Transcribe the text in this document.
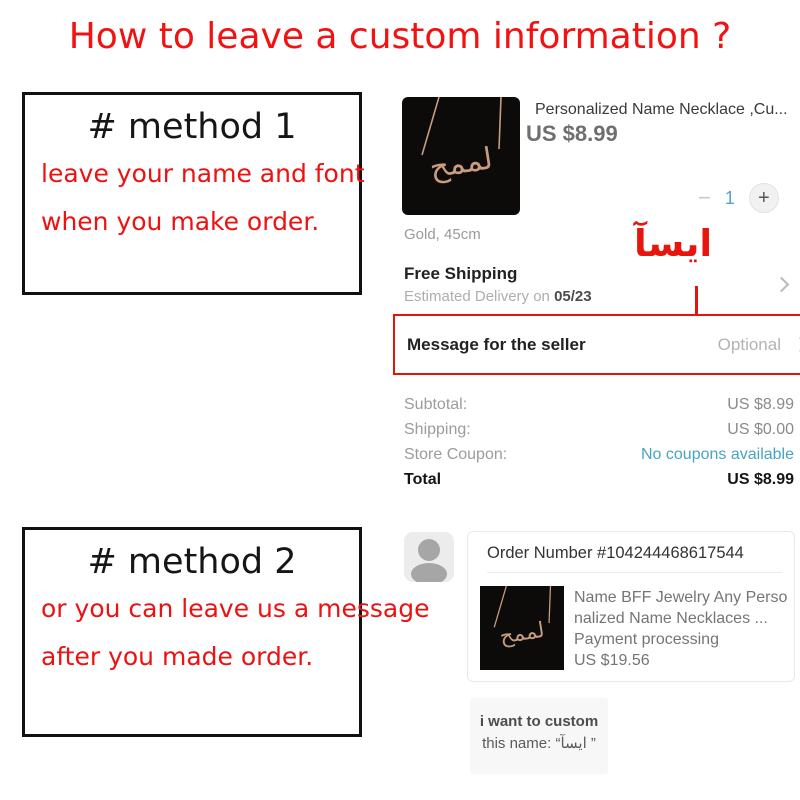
How to leave a custom information ?
# method 1
leave your name and font
when you make order.
لممح
Personalized Name Necklace ,Cu...
US $8.99
− 1	+
Gold, 45cm	ايسآ
Free Shipping
Estimated Delivery on 05/23
Message for the seller	Optional
Subtotal:	US $8.99
Shipping:	US $0.00
Store Coupon:	No coupons available
Total	US $8.99
# method 2
or you can leave us a message
after you made order.
Order Number #104244468617544
لممح
Name BFF Jewelry Any Perso
nalized Name Necklaces ...
Payment processing
US $19.56
i want to custom
this name: “ايسآ ”
